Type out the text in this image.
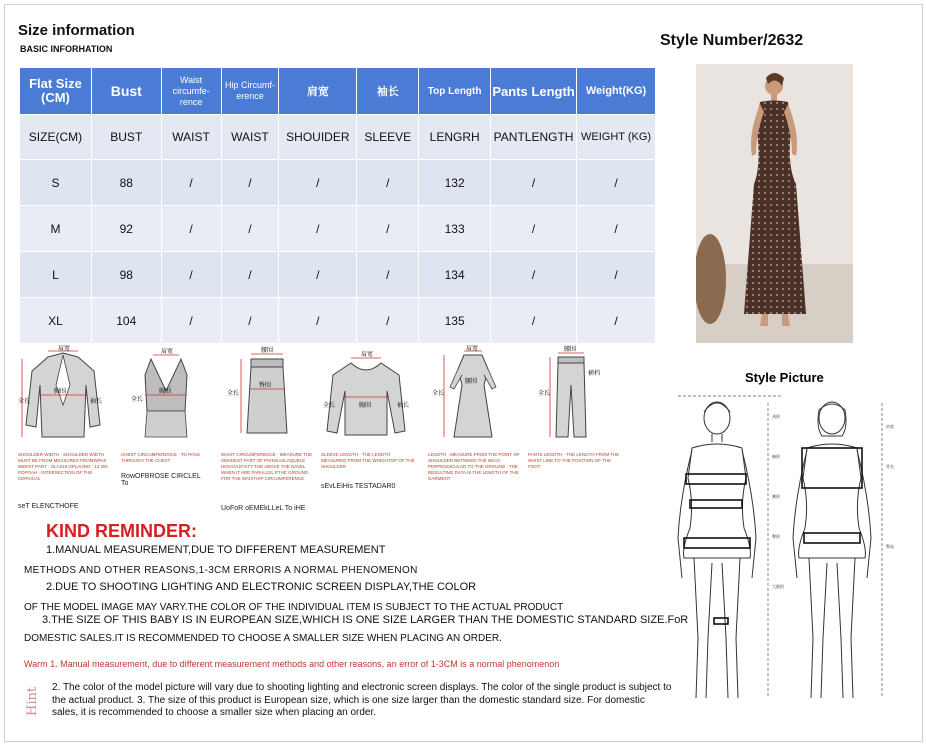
Size information
BASIC INFORHATION	Style Number/2632
Flat Size (CM)	Bust	Waist circumfe- rence	Hip Circumf- erence	肩宽	袖长	Top Length	Pants Length	Weight(KG)
SIZE(CM)	BUST	WAIST	WAIST	SHOUIDER	SLEEVE	LENGRH	PANTLENGTH	WEIGHT (KG)
S	88	/	/	/	/	132	/	/
M	92	/	/	/	/	133	/	/
L	98	/	/	/	/	134	/	/
XL	104	/	/	/	/	135	/	/
Style Picture
颈围
胸围
腰围
臀围
大腿围
肩宽
背长
臀高
肩宽
胸围
全长	袖长
SHOULDER WIDTH · SHOULDER WIDTH MUST BE FROM MEASUREX FROMWPAS WEEST PART · OLASHI OPLAHNG · 12 ON POPOAH · INTERSECTION OF THE CERVICAL
seT ELENCTHOFE
肩宽
胸围
全长
CHEST CIRCUMFERENCE · TO PASS THROUGH THE CHEST
RowOFBROSE CIRCLEL To
腰围
臀围
全长
WAIST CIRCUMFERENCE · MEASURE THE SMADEST PART OF PHINGASLAQUBLE HIGAGASTSTY THE ABOVE THE NAVEL WHEN IT ARE PARALLEL PTHE GROUND FOR THE WAISTHIP CIRCUMFERENCE
UoFoR oEMEkLLeL To iHE
肩宽
胸围
全长	袖长
SLEEVE LENGTH · THE LENGTH MEASURED FROM THE WHIGHTOP OF THE SHOULDER
sEvLEiHis TESTADAR0
肩宽
腰围
全长
LENGTH · MEASURE FROM THE POINT OF SHOULDER BETWEEN THE NECK PERPENDICULAR TO THE GROUND · THE RESULTING DATA IS THE LENGTH OF THE GARMENT
腰围
全长
横档
PANTS LENGTH · THE LENGTH FROM THE WAIST LINE TO THE POSITION OF THE FOOT
KIND REMINDER:
1.MANUAL MEASUREMENT,DUE TO DIFFERENT MEASUREMENT
METHODS AND OTHER REASONS,1-3CM ERRORIS A NORMAL PHENOMENON
2.DUE TO SHOOTING LIGHTING AND ELECTRONIC SCREEN DISPLAY,THE COLOR
OF THE MODEL IMAGE MAY VARY.THE COLOR OF THE INDIVIDUAL ITEM IS SUBJECT TO THE ACTUAL PRODUCT
3.THE SIZE OF THIS BABY IS IN EUROPEAN SIZE,WHICH IS ONE SIZE LARGER THAN THE DOMESTIC STANDARD SIZE.FoR
DOMESTIC SALES.IT IS RECOMMENDED TO CHOOSE A SMALLER SIZE WHEN PLACING AN ORDER.
Warm 1. Manual measurement, due to different measurement methods and other reasons, an error of 1-3CM is a normal phenomenon
Hint 2. The color of the model picture will vary due to shooting lighting and electronic screen displays. The color of the single product is subject to the actual product. 3. The size of this product is European size, which is one size larger than the domestic standard size. For domestic sales, it is recommended to choose a smaller size when placing an order.
